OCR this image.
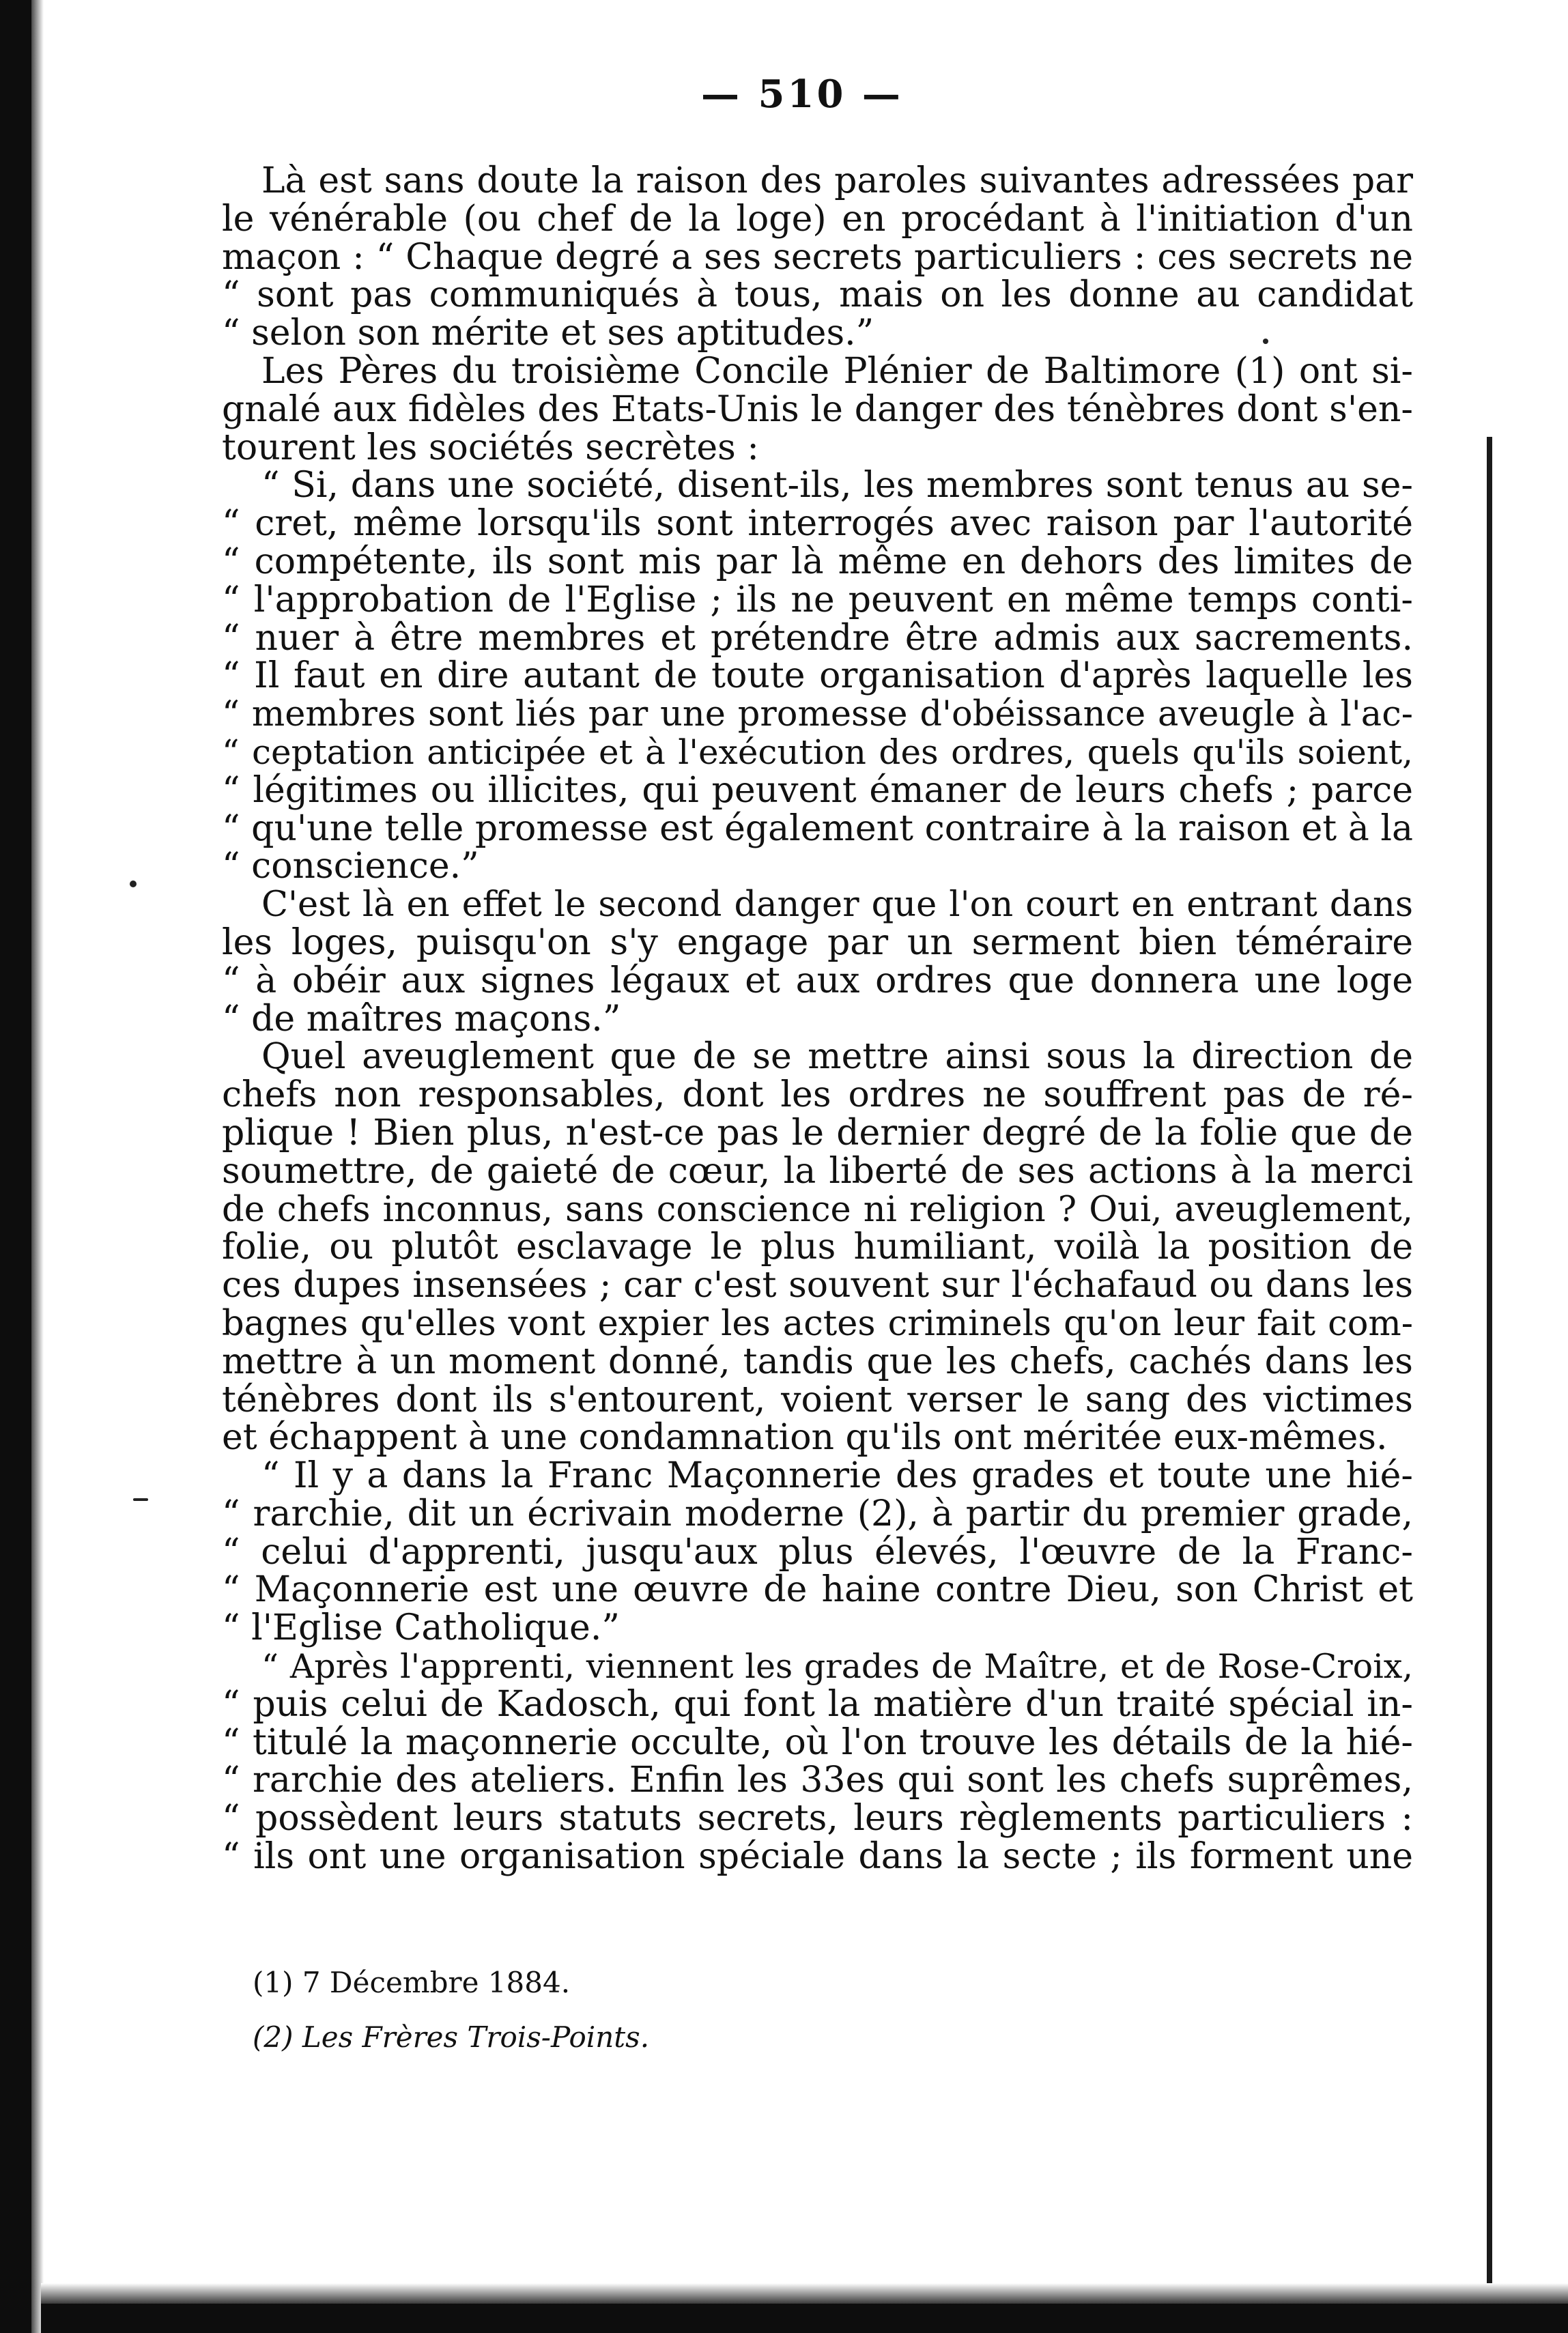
— 510 —
Là est sans doute la raison des paroles suivantes adressées par
le vénérable (ou chef de la loge) en procédant à l'initiation d'un
maçon : “ Chaque degré a ses secrets particuliers : ces secrets ne
“ sont pas communiqués à tous, mais on les donne au candidat
“ selon son mérite et ses aptitudes.”
Les Pères du troisième Concile Plénier de Baltimore (1) ont si-
gnalé aux fidèles des Etats-Unis le danger des ténèbres dont s'en-
tourent les sociétés secrètes :
“ Si, dans une société, disent-ils, les membres sont tenus au se-
“ cret, même lorsqu'ils sont interrogés avec raison par l'autorité
“ compétente, ils sont mis par là même en dehors des limites de
“ l'approbation de l'Eglise ; ils ne peuvent en même temps conti-
“ nuer à être membres et prétendre être admis aux sacrements.
“ Il faut en dire autant de toute organisation d'après laquelle les
“ membres sont liés par une promesse d'obéissance aveugle à l'ac-
“ ceptation anticipée et à l'exécution des ordres, quels qu'ils soient,
“ légitimes ou illicites, qui peuvent émaner de leurs chefs ; parce
“ qu'une telle promesse est également contraire à la raison et à la
“ conscience.”
C'est là en effet le second danger que l'on court en entrant dans
les loges, puisqu'on s'y engage par un serment bien téméraire
“ à obéir aux signes légaux et aux ordres que donnera une loge
“ de maîtres maçons.”
Quel aveuglement que de se mettre ainsi sous la direction de
chefs non responsables, dont les ordres ne souffrent pas de ré-
plique ! Bien plus, n'est-ce pas le dernier degré de la folie que de
soumettre, de gaieté de cœur, la liberté de ses actions à la merci
de chefs inconnus, sans conscience ni religion ? Oui, aveuglement,
folie, ou plutôt esclavage le plus humiliant, voilà la position de
ces dupes insensées ; car c'est souvent sur l'échafaud ou dans les
bagnes qu'elles vont expier les actes criminels qu'on leur fait com-
mettre à un moment donné, tandis que les chefs, cachés dans les
ténèbres dont ils s'entourent, voient verser le sang des victimes
et échappent à une condamnation qu'ils ont méritée eux-mêmes.
“ Il y a dans la Franc Maçonnerie des grades et toute une hié-
“ rarchie, dit un écrivain moderne (2), à partir du premier grade,
“ celui d'apprenti, jusqu'aux plus élevés, l'œuvre de la Franc-
“ Maçonnerie est une œuvre de haine contre Dieu, son Christ et
“ l'Eglise Catholique.”
“ Après l'apprenti, viennent les grades de Maître, et de Rose-Croix,
“ puis celui de Kadosch, qui font la matière d'un traité spécial in-
“ titulé la maçonnerie occulte, où l'on trouve les détails de la hié-
“ rarchie des ateliers. Enfin les 33es qui sont les chefs suprêmes,
“ possèdent leurs statuts secrets, leurs règlements particuliers :
“ ils ont une organisation spéciale dans la secte ; ils forment une
(1) 7 Décembre 1884.
(2) Les Frères Trois-Points.
